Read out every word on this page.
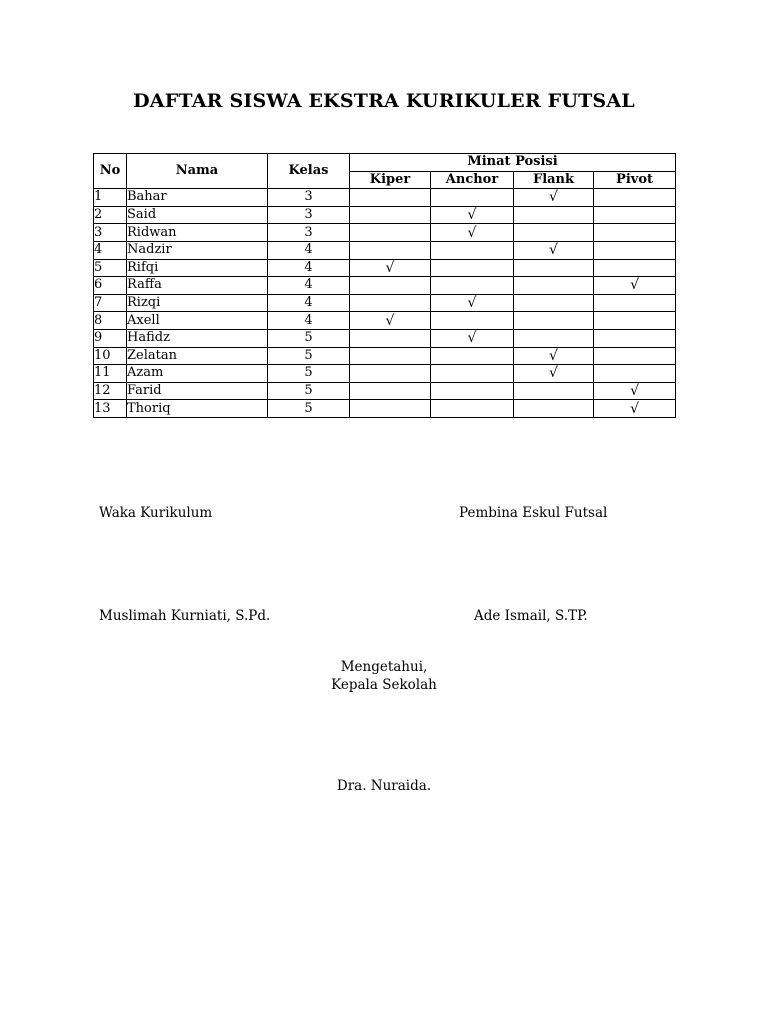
DAFTAR SISWA EKSTRA KURIKULER FUTSAL
No	Nama	Kelas	Minat Posisi			
			Kiper	Anchor	Flank	Pivot
1	Bahar	3			√	
2	Said	3		√		
3	Ridwan	3		√		
4	Nadzir	4			√	
5	Rifqi	4	√			
6	Raffa	4				√
7	Rizqi	4		√		
8	Axell	4	√			
9	Hafidz	5		√		
10	Zelatan	5			√	
11	Azam	5			√	
12	Farid	5				√
13	Thoriq	5				√
Waka Kurikulum	Pembina Eskul Futsal
Muslimah Kurniati, S.Pd.	Ade Ismail, S.TP.
Mengetahui,
Kepala Sekolah
Dra. Nuraida.
